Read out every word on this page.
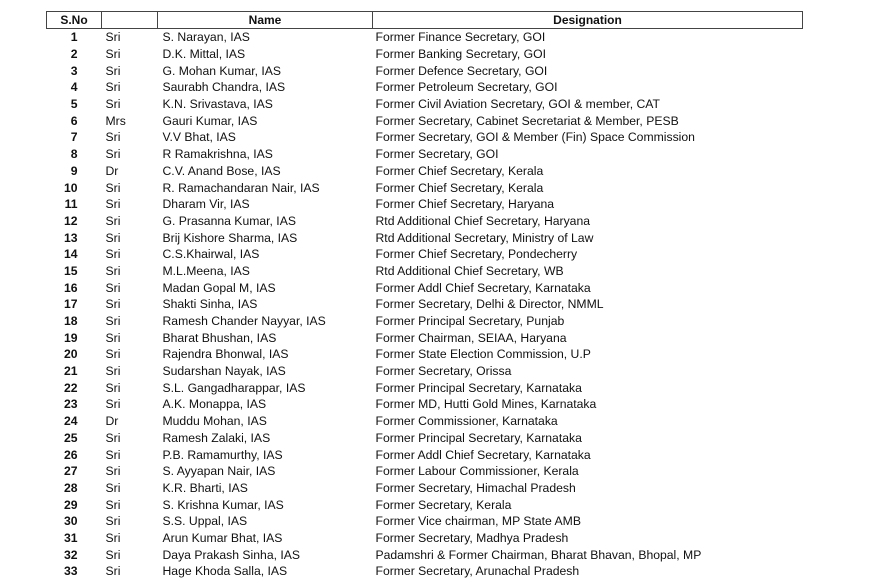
S.No		Name	Designation
1	Sri	S. Narayan, IAS	Former Finance Secretary, GOI
2	Sri	D.K. Mittal, IAS	Former Banking Secretary, GOI
3	Sri	G. Mohan Kumar, IAS	Former Defence Secretary, GOI
4	Sri	Saurabh Chandra, IAS	Former Petroleum Secretary, GOI
5	Sri	K.N. Srivastava, IAS	Former Civil Aviation Secretary, GOI & member, CAT
6	Mrs	Gauri Kumar, IAS	Former Secretary, Cabinet Secretariat & Member, PESB
7	Sri	V.V Bhat, IAS	Former Secretary, GOI & Member (Fin) Space Commission
8	Sri	R Ramakrishna, IAS	Former Secretary, GOI
9	Dr	C.V. Anand Bose, IAS	Former Chief Secretary, Kerala
10	Sri	R. Ramachandaran Nair, IAS	Former Chief Secretary, Kerala
11	Sri	Dharam Vir, IAS	Former Chief Secretary, Haryana
12	Sri	G. Prasanna Kumar, IAS	Rtd Additional Chief Secretary, Haryana
13	Sri	Brij Kishore Sharma, IAS	Rtd Additional Secretary, Ministry of Law
14	Sri	C.S.Khairwal, IAS	Former Chief Secretary, Pondecherry
15	Sri	M.L.Meena, IAS	Rtd Additional Chief Secretary, WB
16	Sri	Madan Gopal M, IAS	Former Addl Chief Secretary, Karnataka
17	Sri	Shakti Sinha, IAS	Former Secretary, Delhi & Director, NMML
18	Sri	Ramesh Chander Nayyar, IAS	Former Principal Secretary, Punjab
19	Sri	Bharat Bhushan, IAS	Former Chairman, SEIAA, Haryana
20	Sri	Rajendra Bhonwal, IAS	Former State Election Commission, U.P
21	Sri	Sudarshan Nayak, IAS	Former Secretary, Orissa
22	Sri	S.L. Gangadharappar, IAS	Former Principal Secretary, Karnataka
23	Sri	A.K. Monappa, IAS	Former MD, Hutti Gold Mines, Karnataka
24	Dr	Muddu Mohan, IAS	Former Commissioner, Karnataka
25	Sri	Ramesh Zalaki, IAS	Former Principal Secretary, Karnataka
26	Sri	P.B. Ramamurthy, IAS	Former Addl Chief Secretary, Karnataka
27	Sri	S. Ayyapan Nair, IAS	Former Labour Commissioner, Kerala
28	Sri	K.R. Bharti, IAS	Former Secretary, Himachal Pradesh
29	Sri	S. Krishna Kumar, IAS	Former Secretary, Kerala
30	Sri	S.S. Uppal, IAS	Former Vice chairman, MP State AMB
31	Sri	Arun Kumar Bhat, IAS	Former Secretary, Madhya Pradesh
32	Sri	Daya Prakash Sinha, IAS	Padamshri & Former Chairman, Bharat Bhavan, Bhopal, MP
33	Sri	Hage Khoda Salla, IAS	Former Secretary, Arunachal Pradesh
